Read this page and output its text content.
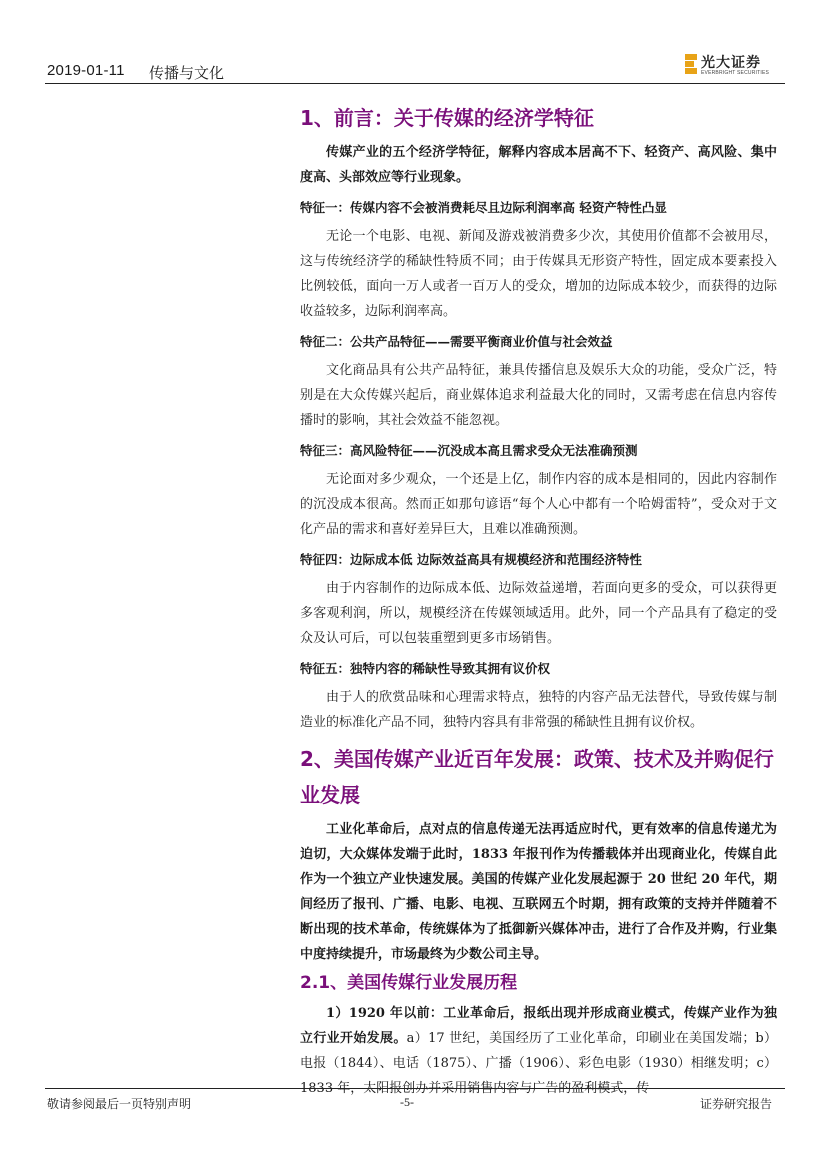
2019-01-11 传播与文化
光大证券
EVERBRIGHT SECURITIES
1、前言：关于传媒的经济学特征

传媒产业的五个经济学特征，解释内容成本居高不下、轻资产、高风险、集中度高、头部效应等行业现象。

特征一：传媒内容不会被消费耗尽且边际利润率高 轻资产特性凸显

无论一个电影、电视、新闻及游戏被消费多少次，其使用价值都不会被用尽，这与传统经济学的稀缺性特质不同；由于传媒具无形资产特性，固定成本要素投入比例较低，面向一万人或者一百万人的受众，增加的边际成本较少，而获得的边际收益较多，边际利润率高。

特征二：公共产品特征——需要平衡商业价值与社会效益

文化商品具有公共产品特征，兼具传播信息及娱乐大众的功能，受众广泛，特别是在大众传媒兴起后，商业媒体追求利益最大化的同时，又需考虑在信息内容传播时的影响，其社会效益不能忽视。

特征三：高风险特征——沉没成本高且需求受众无法准确预测

无论面对多少观众，一个还是上亿，制作内容的成本是相同的，因此内容制作的沉没成本很高。然而正如那句谚语“每个人心中都有一个哈姆雷特”，受众对于文化产品的需求和喜好差异巨大，且难以准确预测。

特征四：边际成本低 边际效益高具有规模经济和范围经济特性

由于内容制作的边际成本低、边际效益递增，若面向更多的受众，可以获得更多客观利润，所以，规模经济在传媒领域适用。此外，同一个产品具有了稳定的受众及认可后，可以包装重塑到更多市场销售。

特征五：独特内容的稀缺性导致其拥有议价权

由于人的欣赏品味和心理需求特点，独特的内容产品无法替代，导致传媒与制造业的标准化产品不同，独特内容具有非常强的稀缺性且拥有议价权。

2、美国传媒产业近百年发展：政策、技术及并购促行业发展

工业化革命后，点对点的信息传递无法再适应时代，更有效率的信息传递尤为迫切，大众媒体发端于此时，1833 年报刊作为传播载体并出现商业化，传媒自此作为一个独立产业快速发展。美国的传媒产业化发展起源于 20 世纪 20 年代，期间经历了报刊、广播、电影、电视、互联网五个时期，拥有政策的支持并伴随着不断出现的技术革命，传统媒体为了抵御新兴媒体冲击，进行了合作及并购，行业集中度持续提升，市场最终为少数公司主导。

2.1、美国传媒行业发展历程

1）1920 年以前：工业革命后，报纸出现并形成商业模式，传媒产业作为独立行业开始发展。a）17 世纪，美国经历了工业化革命，印刷业在美国发端；b）电报（1844）、电话（1875）、广播（1906）、彩色电影（1930）相继发明；c）1833 年，太阳报创办并采用销售内容与广告的盈利模式，传

敬请参阅最后一页特别声明	-5-	证券研究报告
